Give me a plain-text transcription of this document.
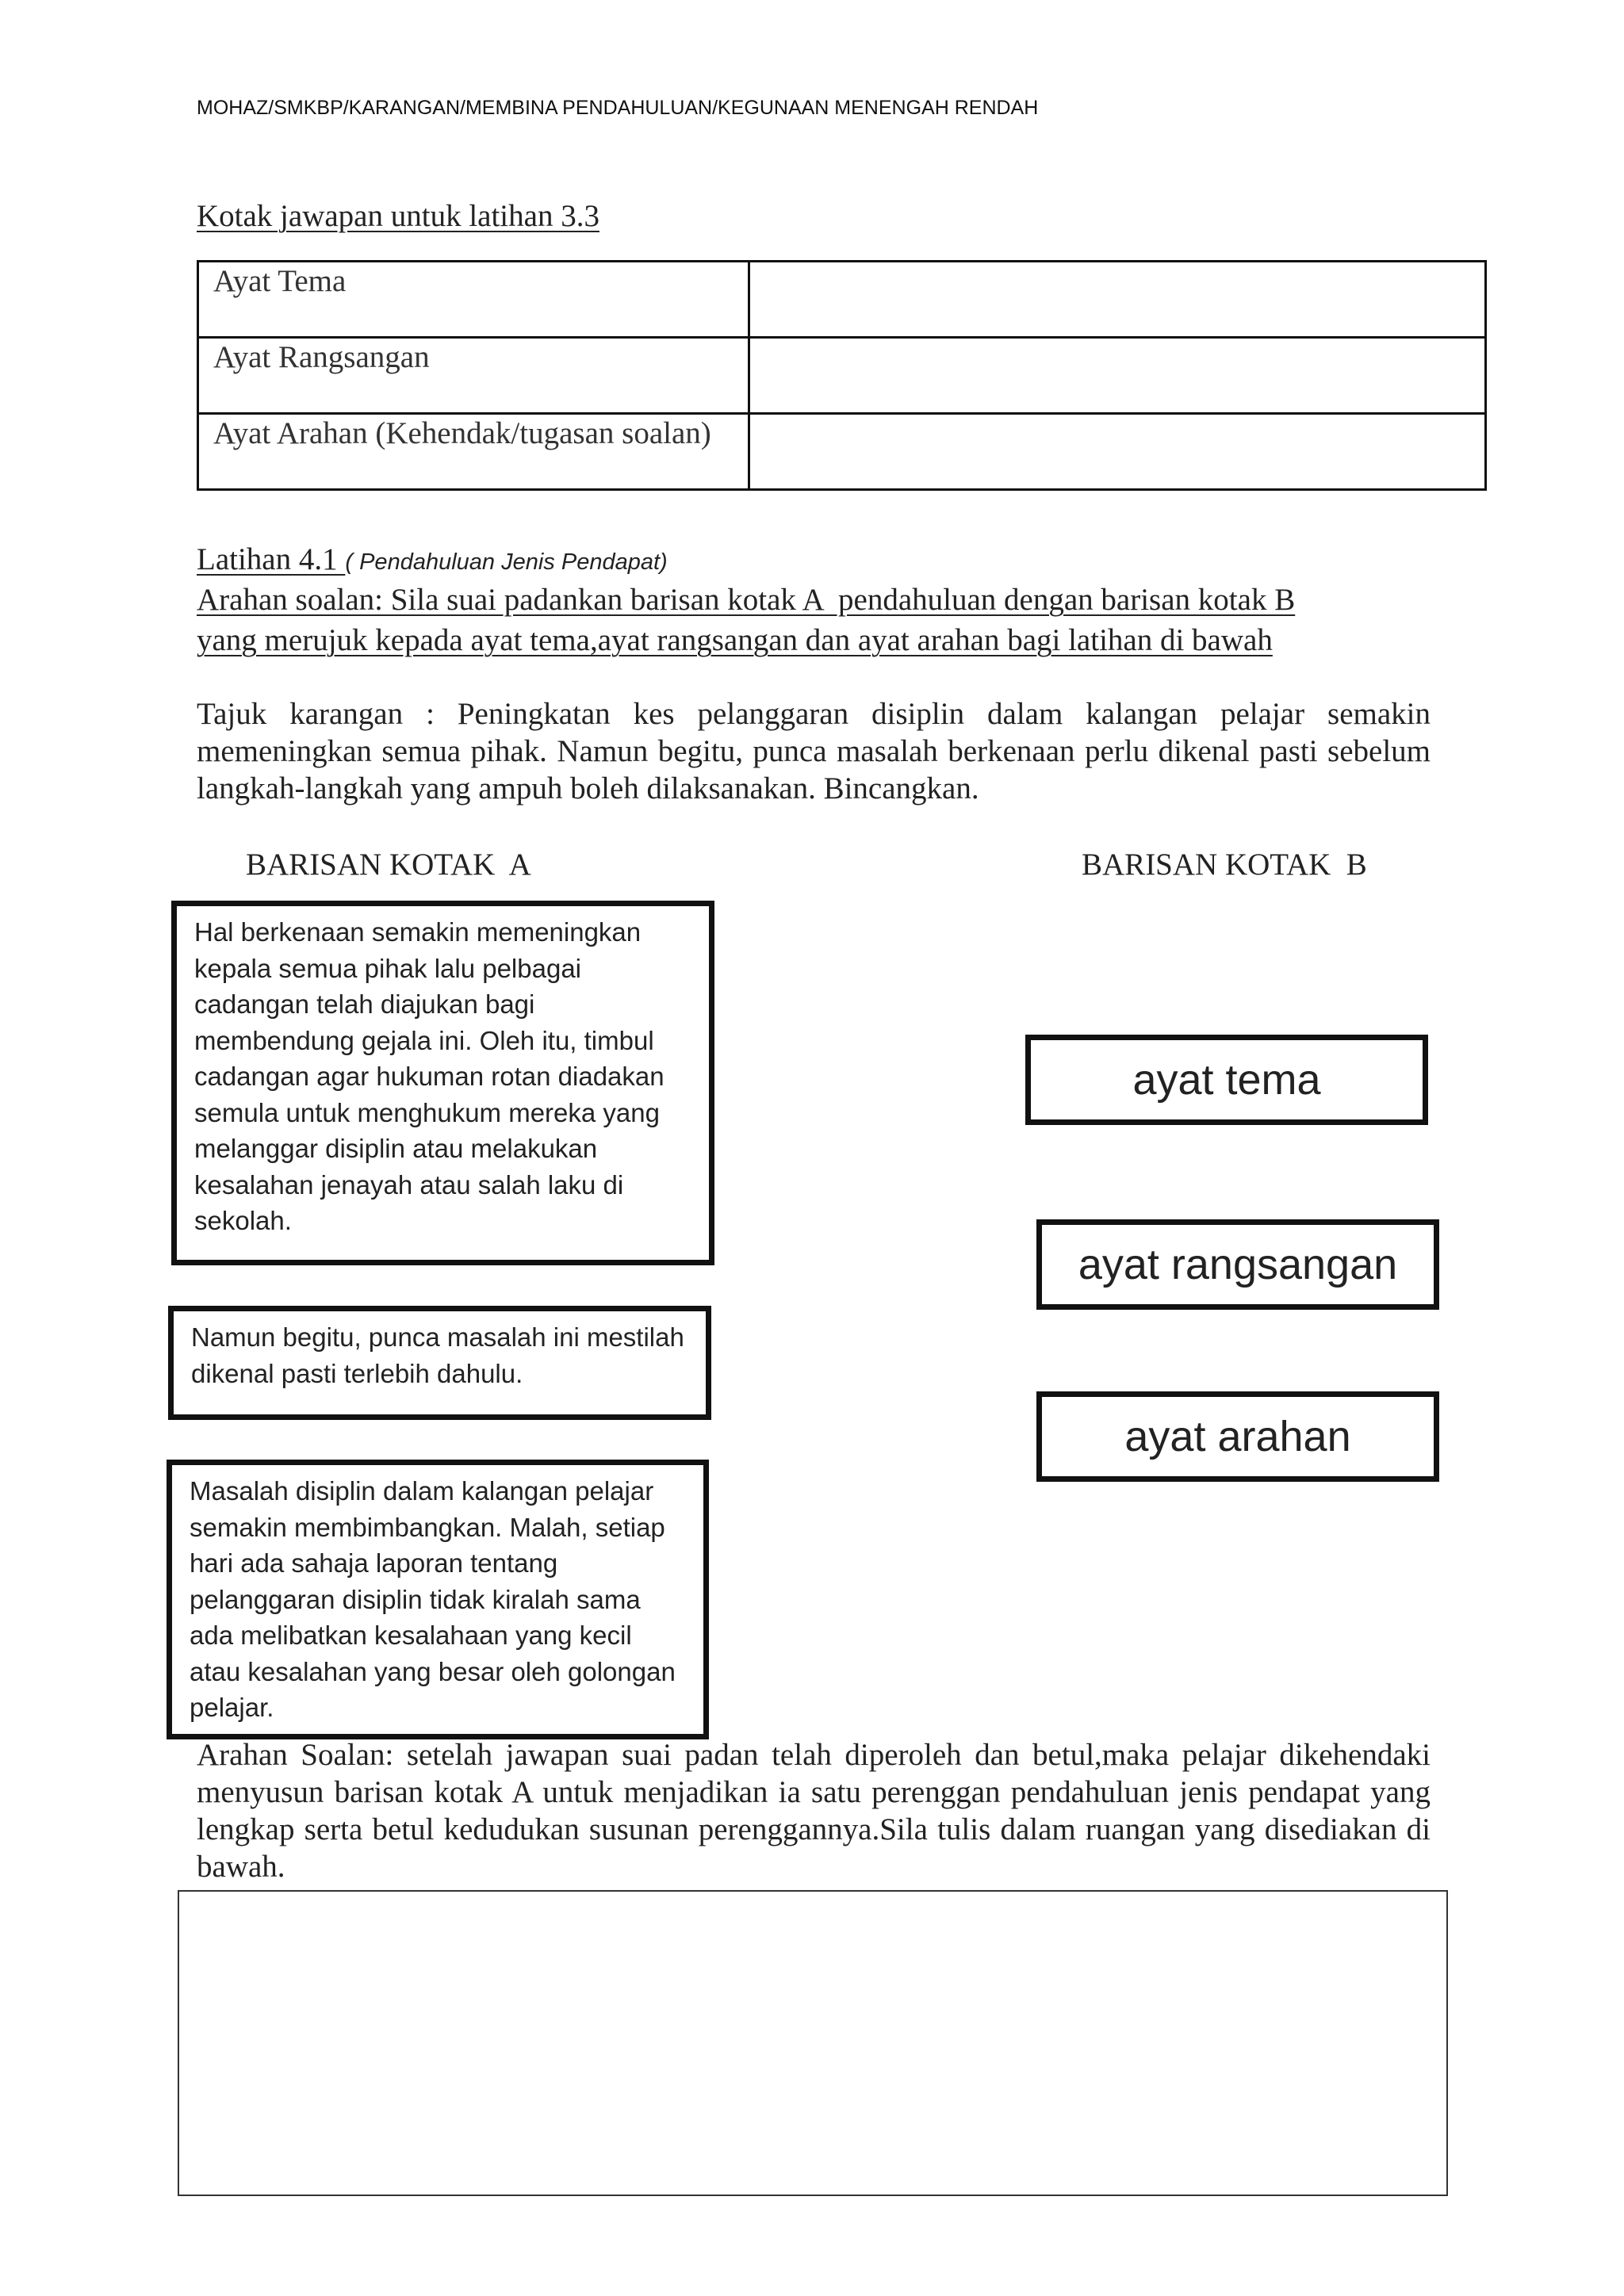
MOHAZ/SMKBP/KARANGAN/MEMBINA PENDAHULUAN/KEGUNAAN MENENGAH RENDAH
Kotak jawapan untuk latihan 3.3
Ayat Tema	
Ayat Rangsangan	
Ayat Arahan (Kehendak/tugasan soalan)	
Latihan 4.1 ( Pendahuluan Jenis Pendapat)
Arahan soalan: Sila suai padankan barisan kotak A  pendahuluan dengan barisan kotak B
yang merujuk kepada ayat tema,ayat rangsangan dan ayat arahan bagi latihan di bawah
Tajuk karangan : Peningkatan kes pelanggaran disiplin dalam kalangan pelajar semakin memeningkan semua pihak. Namun begitu, punca masalah berkenaan perlu dikenal pasti sebelum langkah-langkah yang ampuh boleh dilaksanakan. Bincangkan.
BARISAN KOTAK  A	BARISAN KOTAK  B
Hal berkenaan semakin memeningkan kepala semua pihak lalu pelbagai cadangan telah diajukan bagi membendung gejala ini. Oleh itu, timbul cadangan agar hukuman rotan diadakan semula untuk menghukum mereka yang melanggar disiplin atau melakukan kesalahan jenayah atau salah laku di sekolah.
Namun begitu, punca masalah ini mestilah dikenal pasti terlebih dahulu.
Masalah disiplin dalam kalangan pelajar semakin membimbangkan. Malah, setiap hari ada sahaja laporan tentang pelanggaran disiplin tidak kiralah sama ada melibatkan kesalahaan yang kecil atau kesalahan yang besar oleh golongan pelajar.
ayat tema
ayat rangsangan
ayat arahan
Arahan Soalan: setelah jawapan suai padan telah diperoleh dan betul,maka pelajar dikehendaki menyusun barisan kotak A untuk menjadikan ia satu perenggan pendahuluan jenis pendapat yang lengkap serta betul kedudukan susunan perenggannya.Sila tulis dalam ruangan yang disediakan di bawah.
